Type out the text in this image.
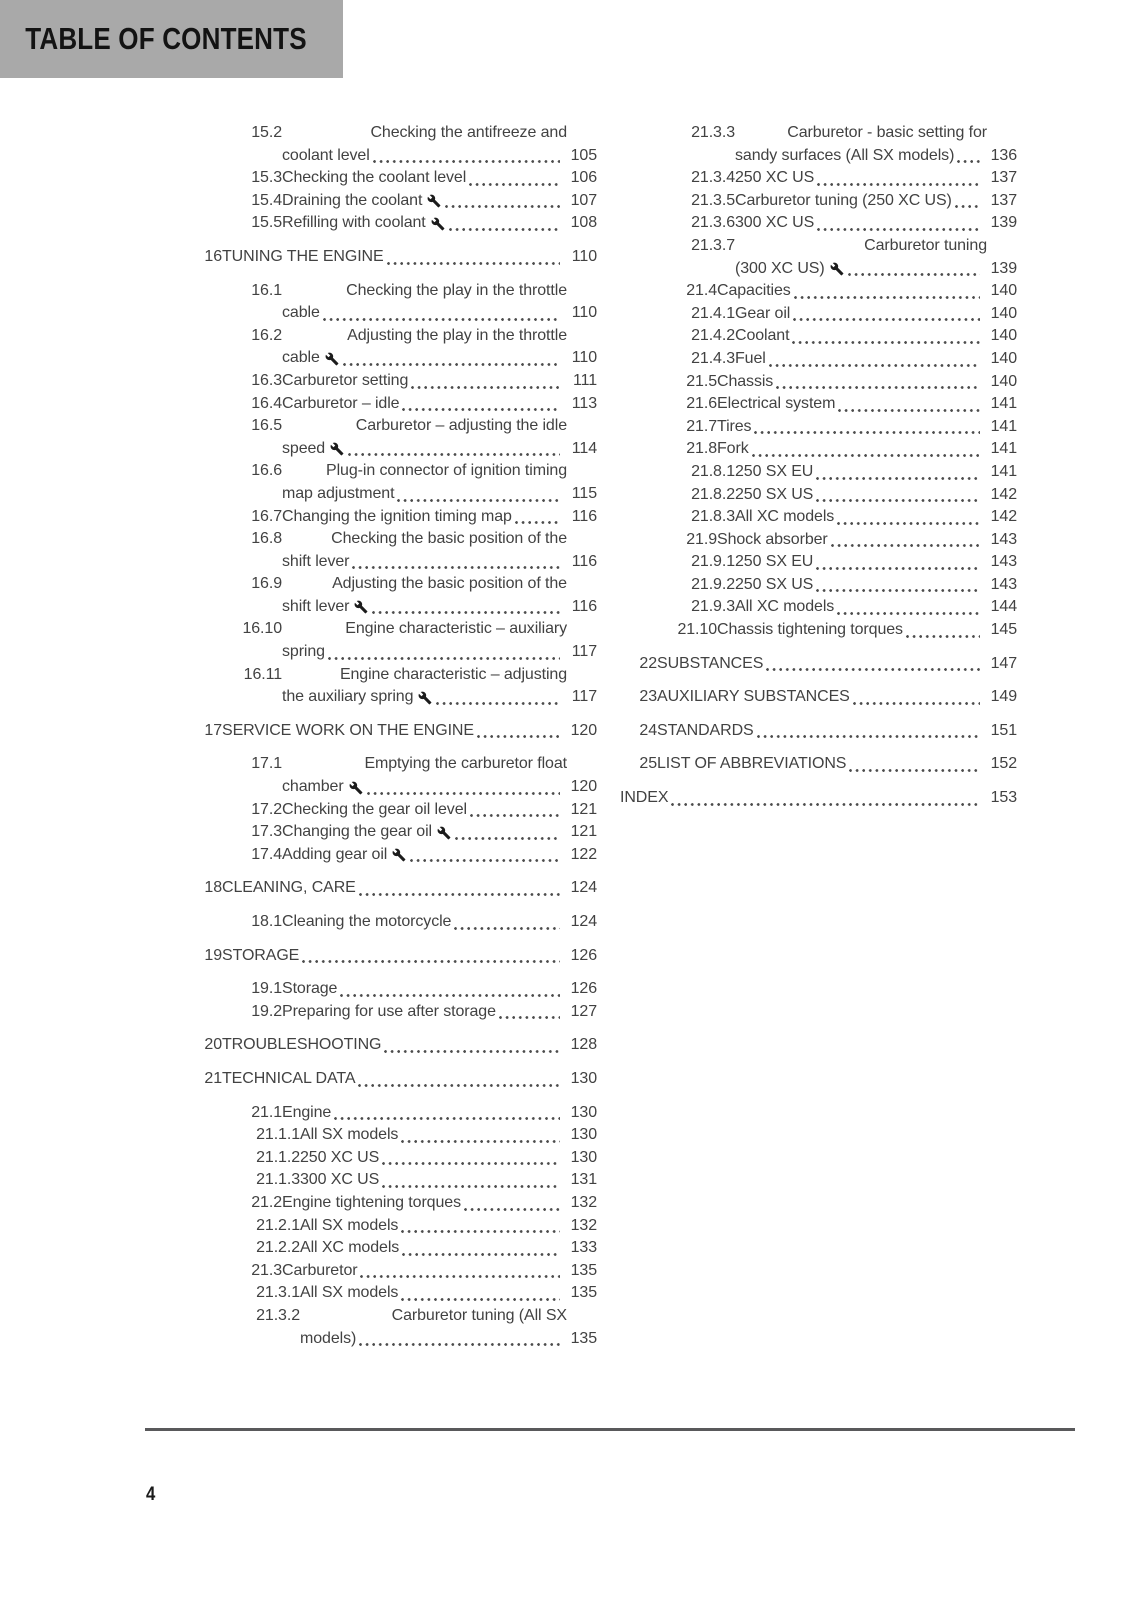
TABLE OF CONTENTS
15.2	Checking the antifreeze and
coolant level	105
15.3 Checking the coolant level	106
15.4 Draining the coolant	107
15.5 Refilling with coolant	108
16 TUNING THE ENGINE	110
16.1	Checking the play in the throttle
cable	110
16.2	Adjusting the play in the throttle
cable	110
16.3 Carburetor setting	111
16.4 Carburetor – idle	113
16.5	Carburetor – adjusting the idle
speed	114
16.6	Plug-in connector of ignition timing
map adjustment	115
16.7 Changing the ignition timing map	116
16.8	Checking the basic position of the
shift lever	116
16.9	Adjusting the basic position of the
shift lever	116
16.10	Engine characteristic – auxiliary
spring	117
16.11	Engine characteristic – adjusting
the auxiliary spring	117
17 SERVICE WORK ON THE ENGINE	120
17.1	Emptying the carburetor float
chamber	120
17.2 Checking the gear oil level	121
17.3 Changing the gear oil	121
17.4 Adding gear oil	122
18 CLEANING, CARE	124
18.1 Cleaning the motorcycle	124
19 STORAGE	126
19.1 Storage	126
19.2 Preparing for use after storage	127
20 TROUBLESHOOTING	128
21 TECHNICAL DATA	130
21.1 Engine	130
21.1.1 All SX models	130
21.1.2 250 XC US	130
21.1.3 300 XC US	131
21.2 Engine tightening torques	132
21.2.1 All SX models	132
21.2.2 All XC models	133
21.3 Carburetor	135
21.3.1 All SX models	135
21.3.2	Carburetor tuning (All SX
models)	135
21.3.3	Carburetor - basic setting for
sandy surfaces (All SX models) 136
21.3.4 250 XC US	137
21.3.5 Carburetor tuning (250 XC US) 137
21.3.6 300 XC US	139
21.3.7	Carburetor tuning
(300 XC US)	139
21.4 Capacities	140
21.4.1 Gear oil	140
21.4.2 Coolant	140
21.4.3 Fuel	140
21.5 Chassis	140
21.6 Electrical system	141
21.7 Tires	141
21.8 Fork	141
21.8.1 250 SX EU	141
21.8.2 250 SX US	142
21.8.3 All XC models	142
21.9 Shock absorber	143
21.9.1 250 SX EU	143
21.9.2 250 SX US	143
21.9.3 All XC models	144
21.10 Chassis tightening torques	145
22 SUBSTANCES	147
23 AUXILIARY SUBSTANCES	149
24 STANDARDS	151
25 LIST OF ABBREVIATIONS	152
INDEX	153
4
